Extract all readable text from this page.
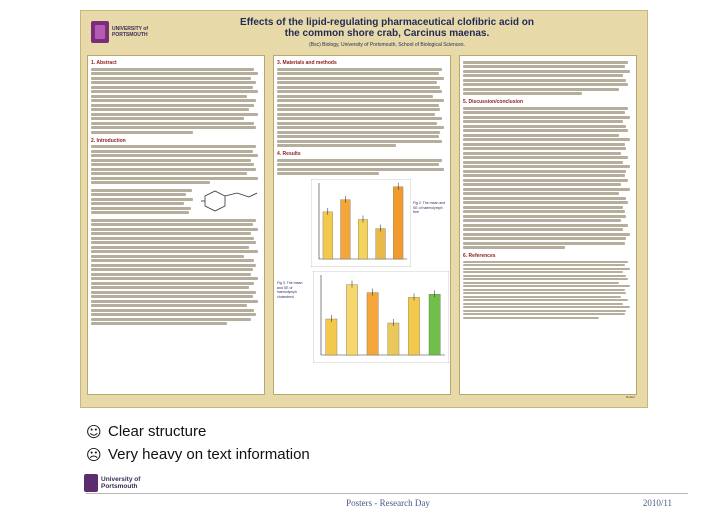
UNIVERSITY of
PORTSMOUTH
Effects of the lipid-regulating pharmaceutical clofibric acid on the common shore crab, Carcinus maenas.
(Bsc) Biology, University of Portsmouth, School of Biological Sciences.
1. Abstract
2. Introduction
3. Materials and methods
4. Results
Fig 2. The mean and SE of haemolymph free
Fig 3. The mean and SE of haemolymph cholesterol
5. Discussion/conclusion
6. References
Robert
☺ Clear structure
☹ Very heavy on text information
University of
Portsmouth
Posters - Research Day	2010/11
